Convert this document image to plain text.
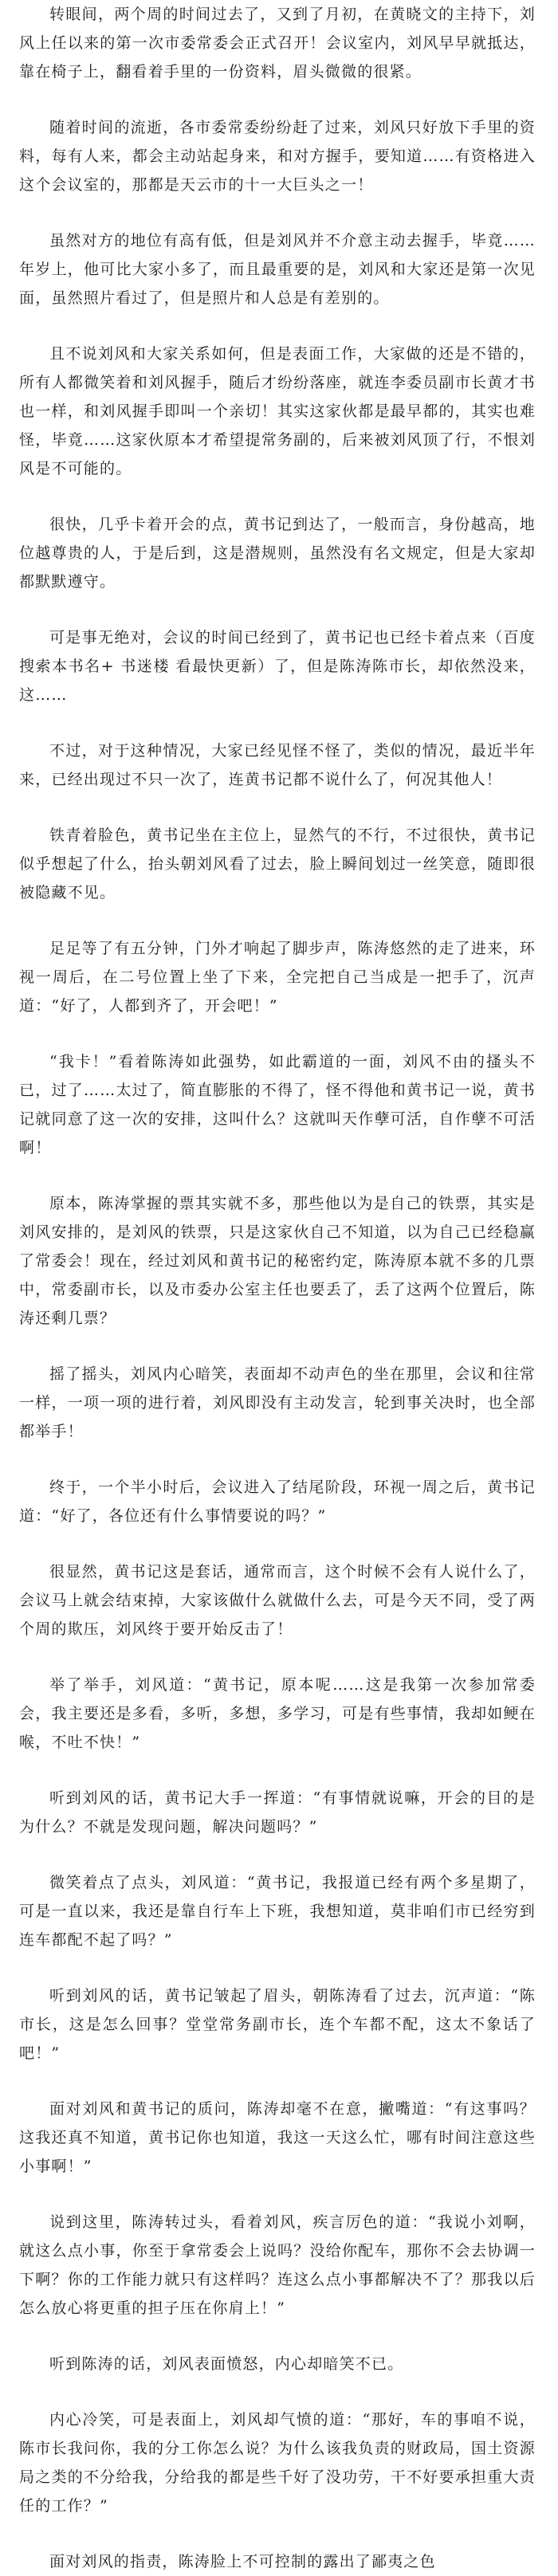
转眼间，两个周的时间过去了，又到了月初，在黄晓文的主持下，刘风上任以来的第一次市委常委会正式召开！会议室内，刘风早早就抵达，靠在椅子上，翻看着手里的一份资料，眉头微微的很紧。

随着时间的流逝，各市委常委纷纷赶了过来，刘风只好放下手里的资料，每有人来，都会主动站起身来，和对方握手，要知道……有资格进入这个会议室的，那都是天云市的十一大巨头之一！

虽然对方的地位有高有低，但是刘风并不介意主动去握手，毕竟……年岁上，他可比大家小多了，而且最重要的是，刘风和大家还是第一次见面，虽然照片看过了，但是照片和人总是有差别的。

且不说刘风和大家关系如何，但是表面工作，大家做的还是不错的，所有人都微笑着和刘风握手，随后才纷纷落座，就连李委员副市长黄才书也一样，和刘风握手即叫一个亲切！其实这家伙都是最早都的，其实也难怪，毕竟……这家伙原本才希望提常务副的，后来被刘风顶了行，不恨刘风是不可能的。

很快，几乎卡着开会的点，黄书记到达了，一般而言，身份越高，地位越尊贵的人，于是后到，这是潜规则，虽然没有名文规定，但是大家却都默默遵守。

可是事无绝对，会议的时间已经到了，黄书记也已经卡着点来（百度搜索本书名+ 书迷楼 看最快更新）了，但是陈涛陈市长，却依然没来，这……

不过，对于这种情况，大家已经见怪不怪了，类似的情况，最近半年来，已经出现过不只一次了，连黄书记都不说什么了，何况其他人！

铁青着脸色，黄书记坐在主位上，显然气的不行，不过很快，黄书记似乎想起了什么，抬头朝刘风看了过去，脸上瞬间划过一丝笑意，随即很被隐藏不见。

足足等了有五分钟，门外才响起了脚步声，陈涛悠然的走了进来，环视一周后，在二号位置上坐了下来，全完把自己当成是一把手了，沉声道：“好了，人都到齐了，开会吧！”

“我卡！”看着陈涛如此强势，如此霸道的一面，刘风不由的搔头不已，过了……太过了，简直膨胀的不得了，怪不得他和黄书记一说，黄书记就同意了这一次的安排，这叫什么？这就叫天作孽可活，自作孽不可活啊！

原本，陈涛掌握的票其实就不多，那些他以为是自己的铁票，其实是刘风安排的，是刘风的铁票，只是这家伙自己不知道，以为自己已经稳赢了常委会！现在，经过刘风和黄书记的秘密约定，陈涛原本就不多的几票中，常委副市长，以及市委办公室主任也要丢了，丢了这两个位置后，陈涛还剩几票？

摇了摇头，刘风内心暗笑，表面却不动声色的坐在那里，会议和往常一样，一项一项的进行着，刘风即没有主动发言，轮到事关决时，也全部都举手！

终于，一个半小时后，会议进入了结尾阶段，环视一周之后，黄书记道：“好了，各位还有什么事情要说的吗？”

很显然，黄书记这是套话，通常而言，这个时候不会有人说什么了，会议马上就会结束掉，大家该做什么就做什么去，可是今天不同，受了两个周的欺压，刘风终于要开始反击了！

举了举手，刘风道：“黄书记，原本呢……这是我第一次参加常委会，我主要还是多看，多听，多想，多学习，可是有些事情，我却如鲠在喉，不吐不快！”

听到刘风的话，黄书记大手一挥道：“有事情就说嘛，开会的目的是为什么？不就是发现问题，解决问题吗？”

微笑着点了点头，刘风道：“黄书记，我报道已经有两个多星期了，可是一直以来，我还是靠自行车上下班，我想知道，莫非咱们市已经穷到连车都配不起了吗？”

听到刘风的话，黄书记皱起了眉头，朝陈涛看了过去，沉声道：“陈市长，这是怎么回事？堂堂常务副市长，连个车都不配，这太不象话了吧！”

面对刘风和黄书记的质问，陈涛却毫不在意，撇嘴道：“有这事吗？这我还真不知道，黄书记你也知道，我这一天这么忙，哪有时间注意这些小事啊！”

说到这里，陈涛转过头，看着刘风，疾言厉色的道：“我说小刘啊，就这么点小事，你至于拿常委会上说吗？没给你配车，那你不会去协调一下啊？你的工作能力就只有这样吗？连这么点小事都解决不了？那我以后怎么放心将更重的担子压在你肩上！”

听到陈涛的话，刘风表面愤怒，内心却暗笑不已。

内心冷笑，可是表面上，刘风却气愤的道：“那好，车的事咱不说，陈市长我问你，我的分工你怎么说？为什么该我负责的财政局，国土资源局之类的不分给我，分给我的都是些千好了没功劳，干不好要承担重大责任的工作？”

面对刘风的指责，陈涛脸上不可控制的露出了鄙夷之色
